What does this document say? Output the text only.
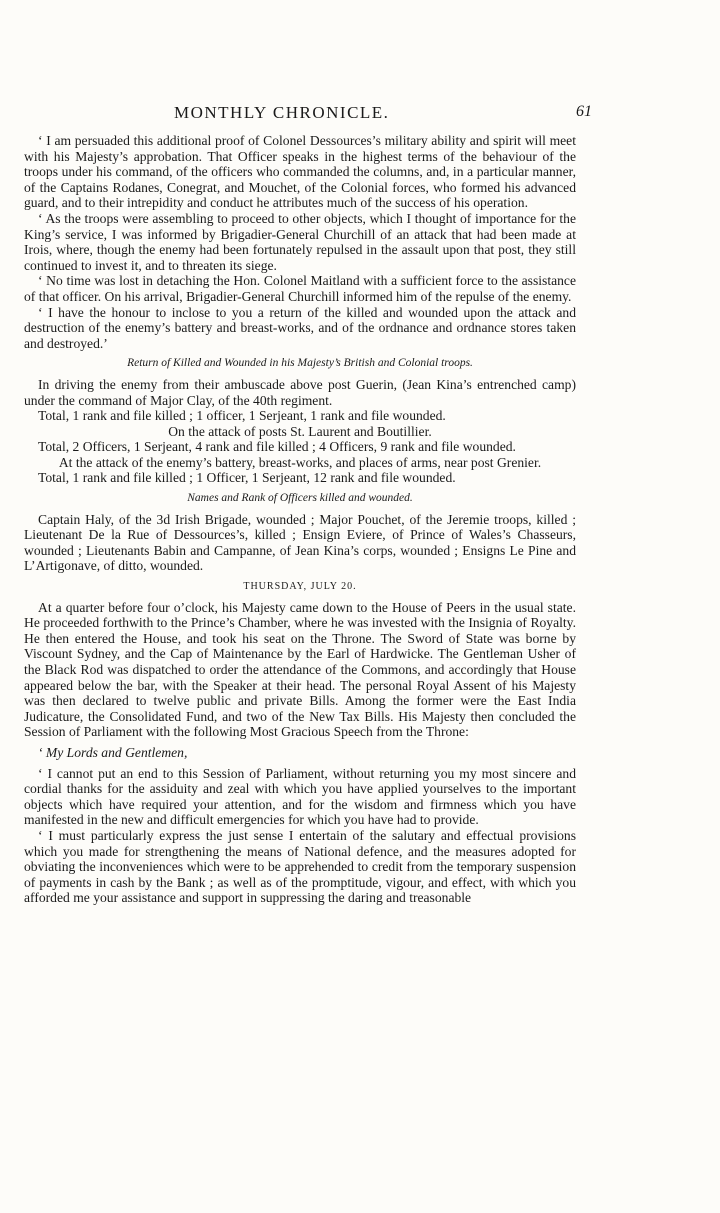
MONTHLY CHRONICLE.	61

‘ I am persuaded this additional proof of Colonel Dessources’s military ability and spirit will meet with his Majesty’s approbation. That Officer speaks in the highest terms of the behaviour of the troops under his command, of the officers who commanded the columns, and, in a particular manner, of the Captains Rodanes, Conegrat, and Mouchet, of the Colonial forces, who formed his advanced guard, and to their intrepidity and conduct he attributes much of the success of his operation.

‘ As the troops were assembling to proceed to other objects, which I thought of importance for the King’s service, I was informed by Brigadier-General Churchill of an attack that had been made at Irois, where, though the enemy had been fortunately repulsed in the assault upon that post, they still continued to invest it, and to threaten its siege.

‘ No time was lost in detaching the Hon. Colonel Maitland with a sufficient force to the assistance of that officer. On his arrival, Brigadier-General Churchill informed him of the repulse of the enemy.

‘ I have the honour to inclose to you a return of the killed and wounded upon the attack and destruction of the enemy’s battery and breast-works, and of the ordnance and ordnance stores taken and destroyed.’

Return of Killed and Wounded in his Majesty’s British and Colonial troops.

In driving the enemy from their ambuscade above post Guerin, (Jean Kina’s entrenched camp) under the command of Major Clay, of the 40th regiment.

Total, 1 rank and file killed ; 1 officer, 1 Serjeant, 1 rank and file wounded.

On the attack of posts St. Laurent and Boutillier.

Total, 2 Officers, 1 Serjeant, 4 rank and file killed ; 4 Officers, 9 rank and file wounded.

At the attack of the enemy’s battery, breast-works, and places of arms, near post Grenier.

Total, 1 rank and file killed ; 1 Officer, 1 Serjeant, 12 rank and file wounded.

Names and Rank of Officers killed and wounded.

Captain Haly, of the 3d Irish Brigade, wounded ; Major Pouchet, of the Jeremie troops, killed ; Lieutenant De la Rue of Dessources’s, killed ; Ensign Eviere, of Prince of Wales’s Chasseurs, wounded ; Lieutenants Babin and Campanne, of Jean Kina’s corps, wounded ; Ensigns Le Pine and L’Artigonave, of ditto, wounded.

THURSDAY, JULY 20.

At a quarter before four o’clock, his Majesty came down to the House of Peers in the usual state. He proceeded forthwith to the Prince’s Chamber, where he was invested with the Insignia of Royalty. He then entered the House, and took his seat on the Throne. The Sword of State was borne by Viscount Sydney, and the Cap of Maintenance by the Earl of Hardwicke. The Gentleman Usher of the Black Rod was dispatched to order the attendance of the Commons, and accordingly that House appeared below the bar, with the Speaker at their head. The personal Royal Assent of his Majesty was then declared to twelve public and private Bills. Among the former were the East India Judicature, the Consolidated Fund, and two of the New Tax Bills. His Majesty then concluded the Session of Parliament with the following Most Gracious Speech from the Throne:

‘ My Lords and Gentlemen,

‘ I cannot put an end to this Session of Parliament, without returning you my most sincere and cordial thanks for the assiduity and zeal with which you have applied yourselves to the important objects which have required your attention, and for the wisdom and firmness which you have manifested in the new and difficult emergencies for which you have had to provide.

‘ I must particularly express the just sense I entertain of the salutary and effectual provisions which you made for strengthening the means of National defence, and the measures adopted for obviating the inconveniences which were to be apprehended to credit from the temporary suspension of payments in cash by the Bank ; as well as of the promptitude, vigour, and effect, with which you afforded me your assistance and support in suppressing the daring and treasonable
